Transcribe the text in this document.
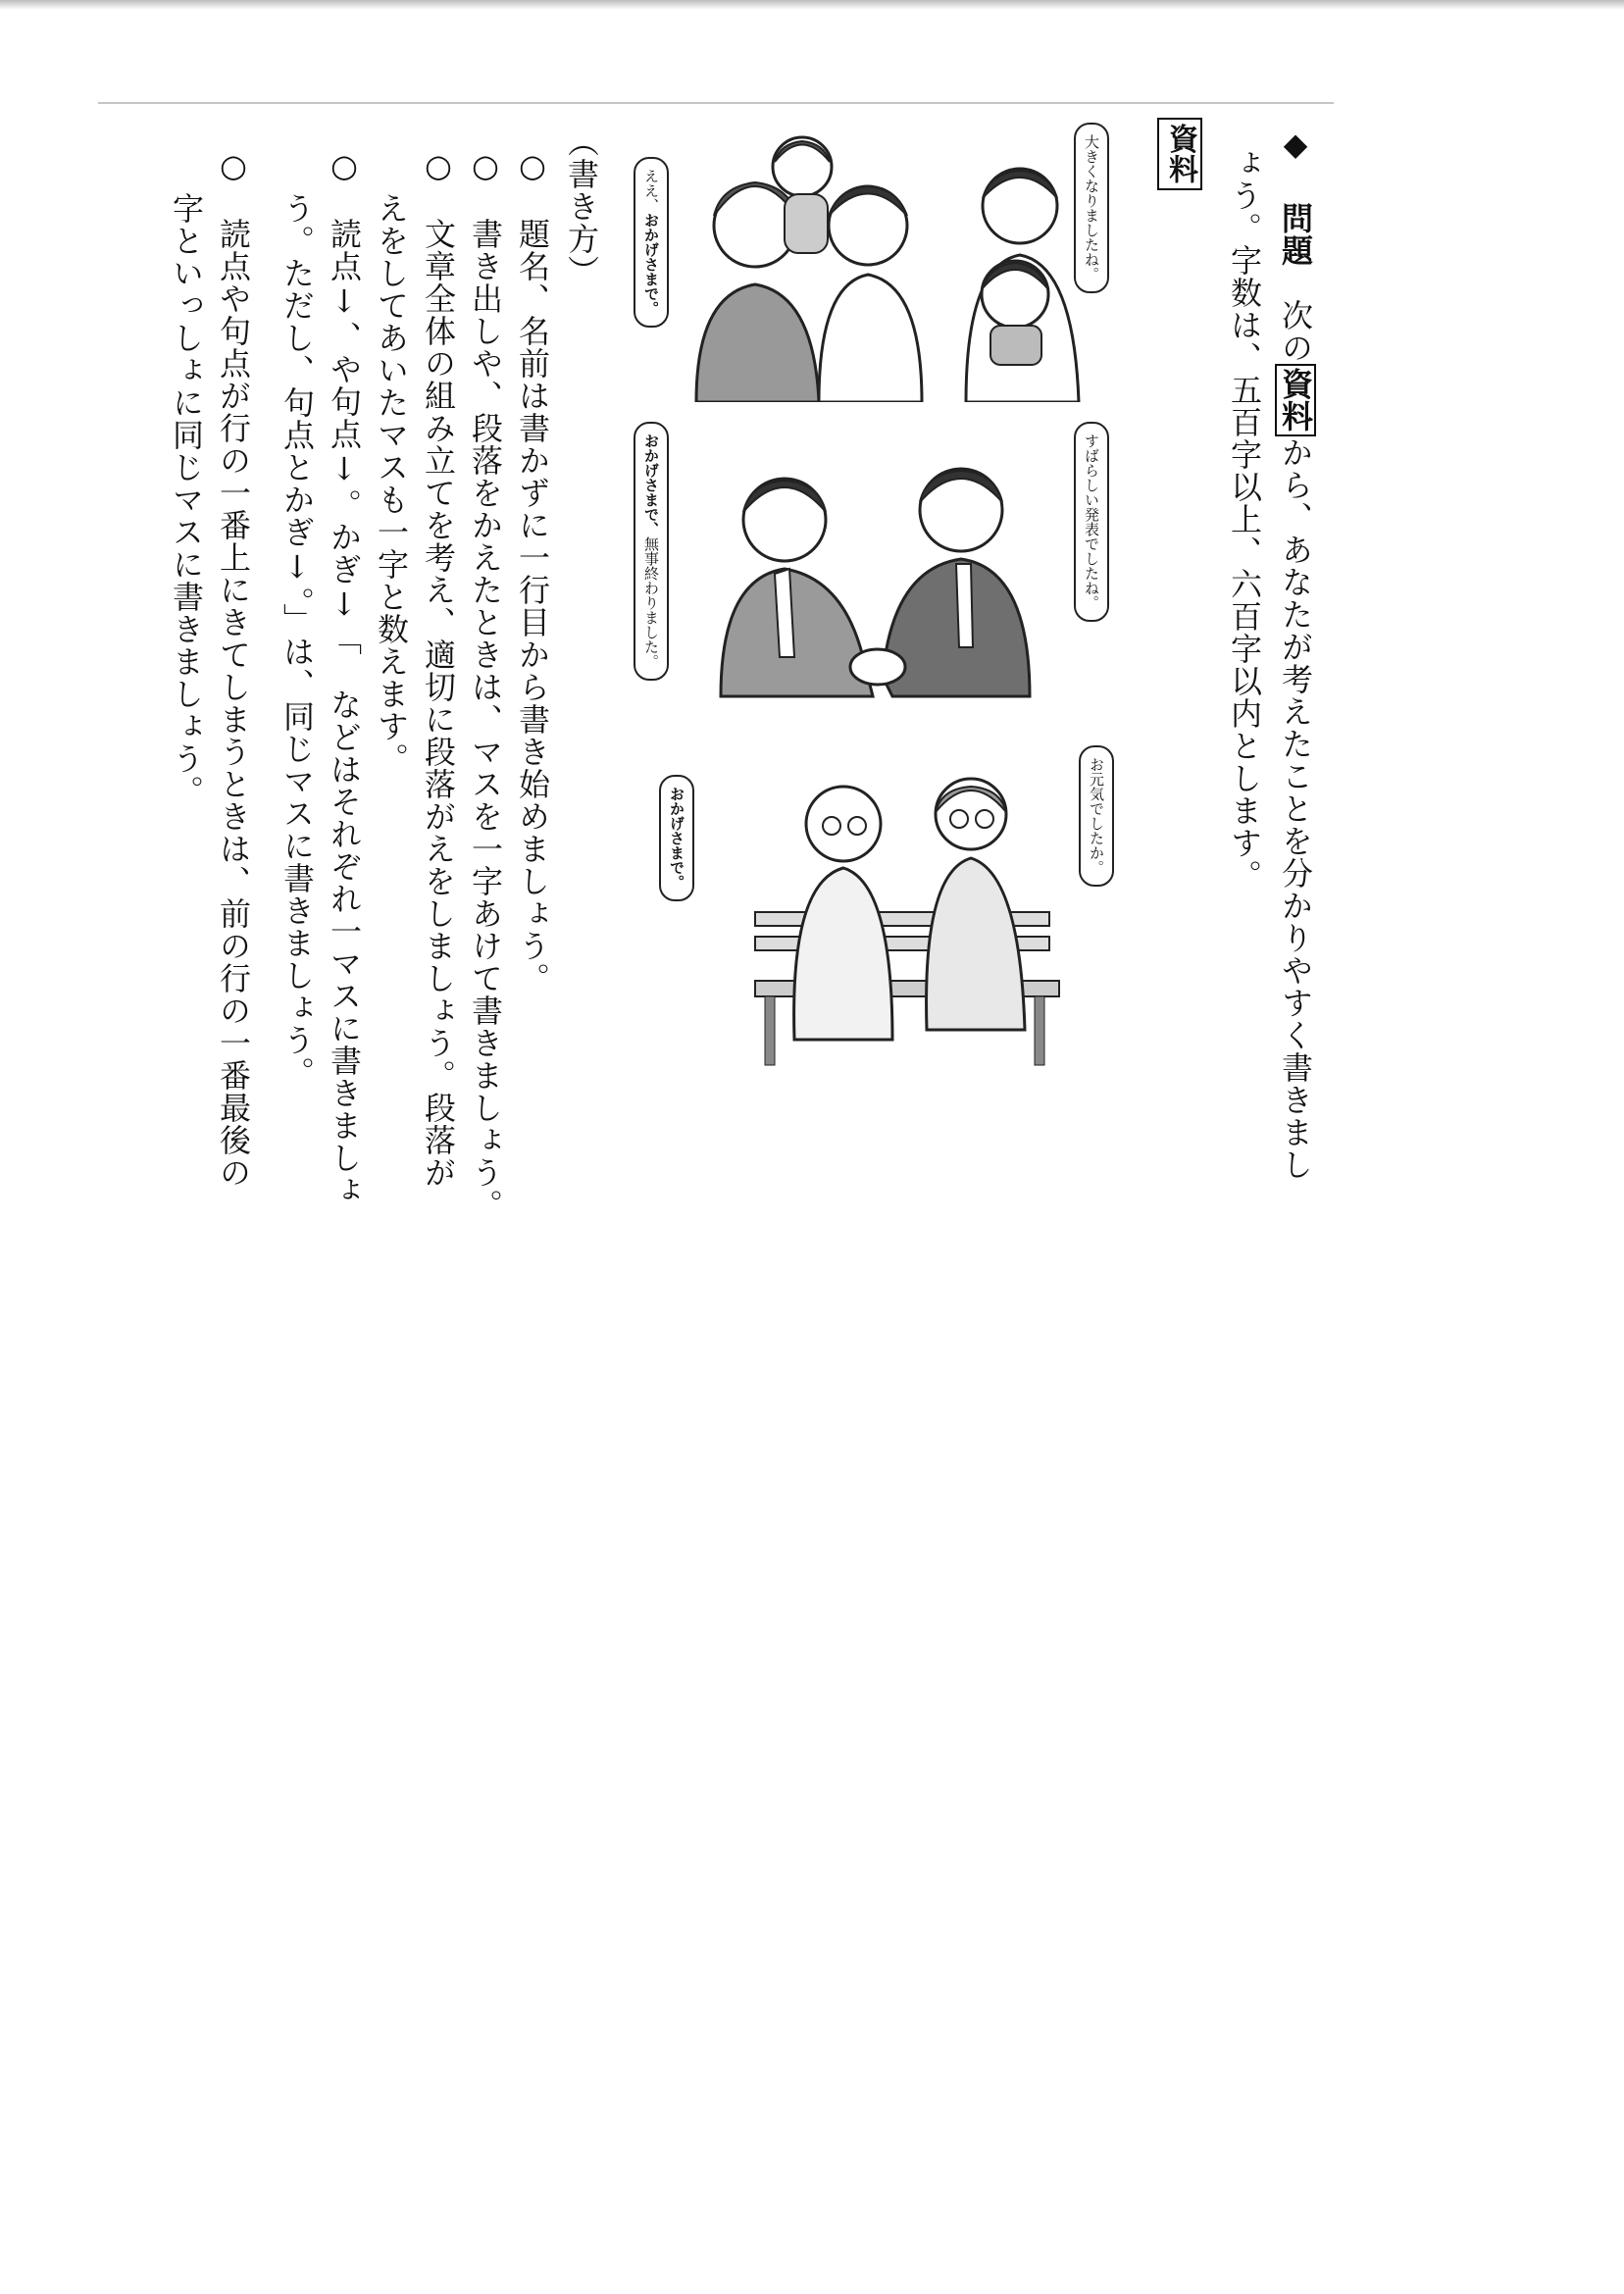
◆ 問題　次の資料から、あなたが考えたことを分かりやすく書きまし
ょう。字数は、五百字以上、六百字以内とします。
資料
大きくなりましたね。
ええ、おかげさまで。
すばらしい発表でしたね。
おかげさまで、無事終わりました。
お元気でしたか。
おかげさまで。
（書き方）
○　題名、名前は書かずに一行目から書き始めましょう。
○　書き出しや、段落をかえたときは、マスを一字あけて書きましょう。
○　文章全体の組み立てを考え、適切に段落がえをしましょう。段落が
えをしてあいたマスも一字と数えます。
○　読点↓、や句点↓。かぎ↓「　などはそれぞれ一マスに書きましょ
う。ただし、句点とかぎ↓。」は、同じマスに書きましょう。
○　読点や句点が行の一番上にきてしまうときは、前の行の一番最後の
字といっしょに同じマスに書きましょう。
